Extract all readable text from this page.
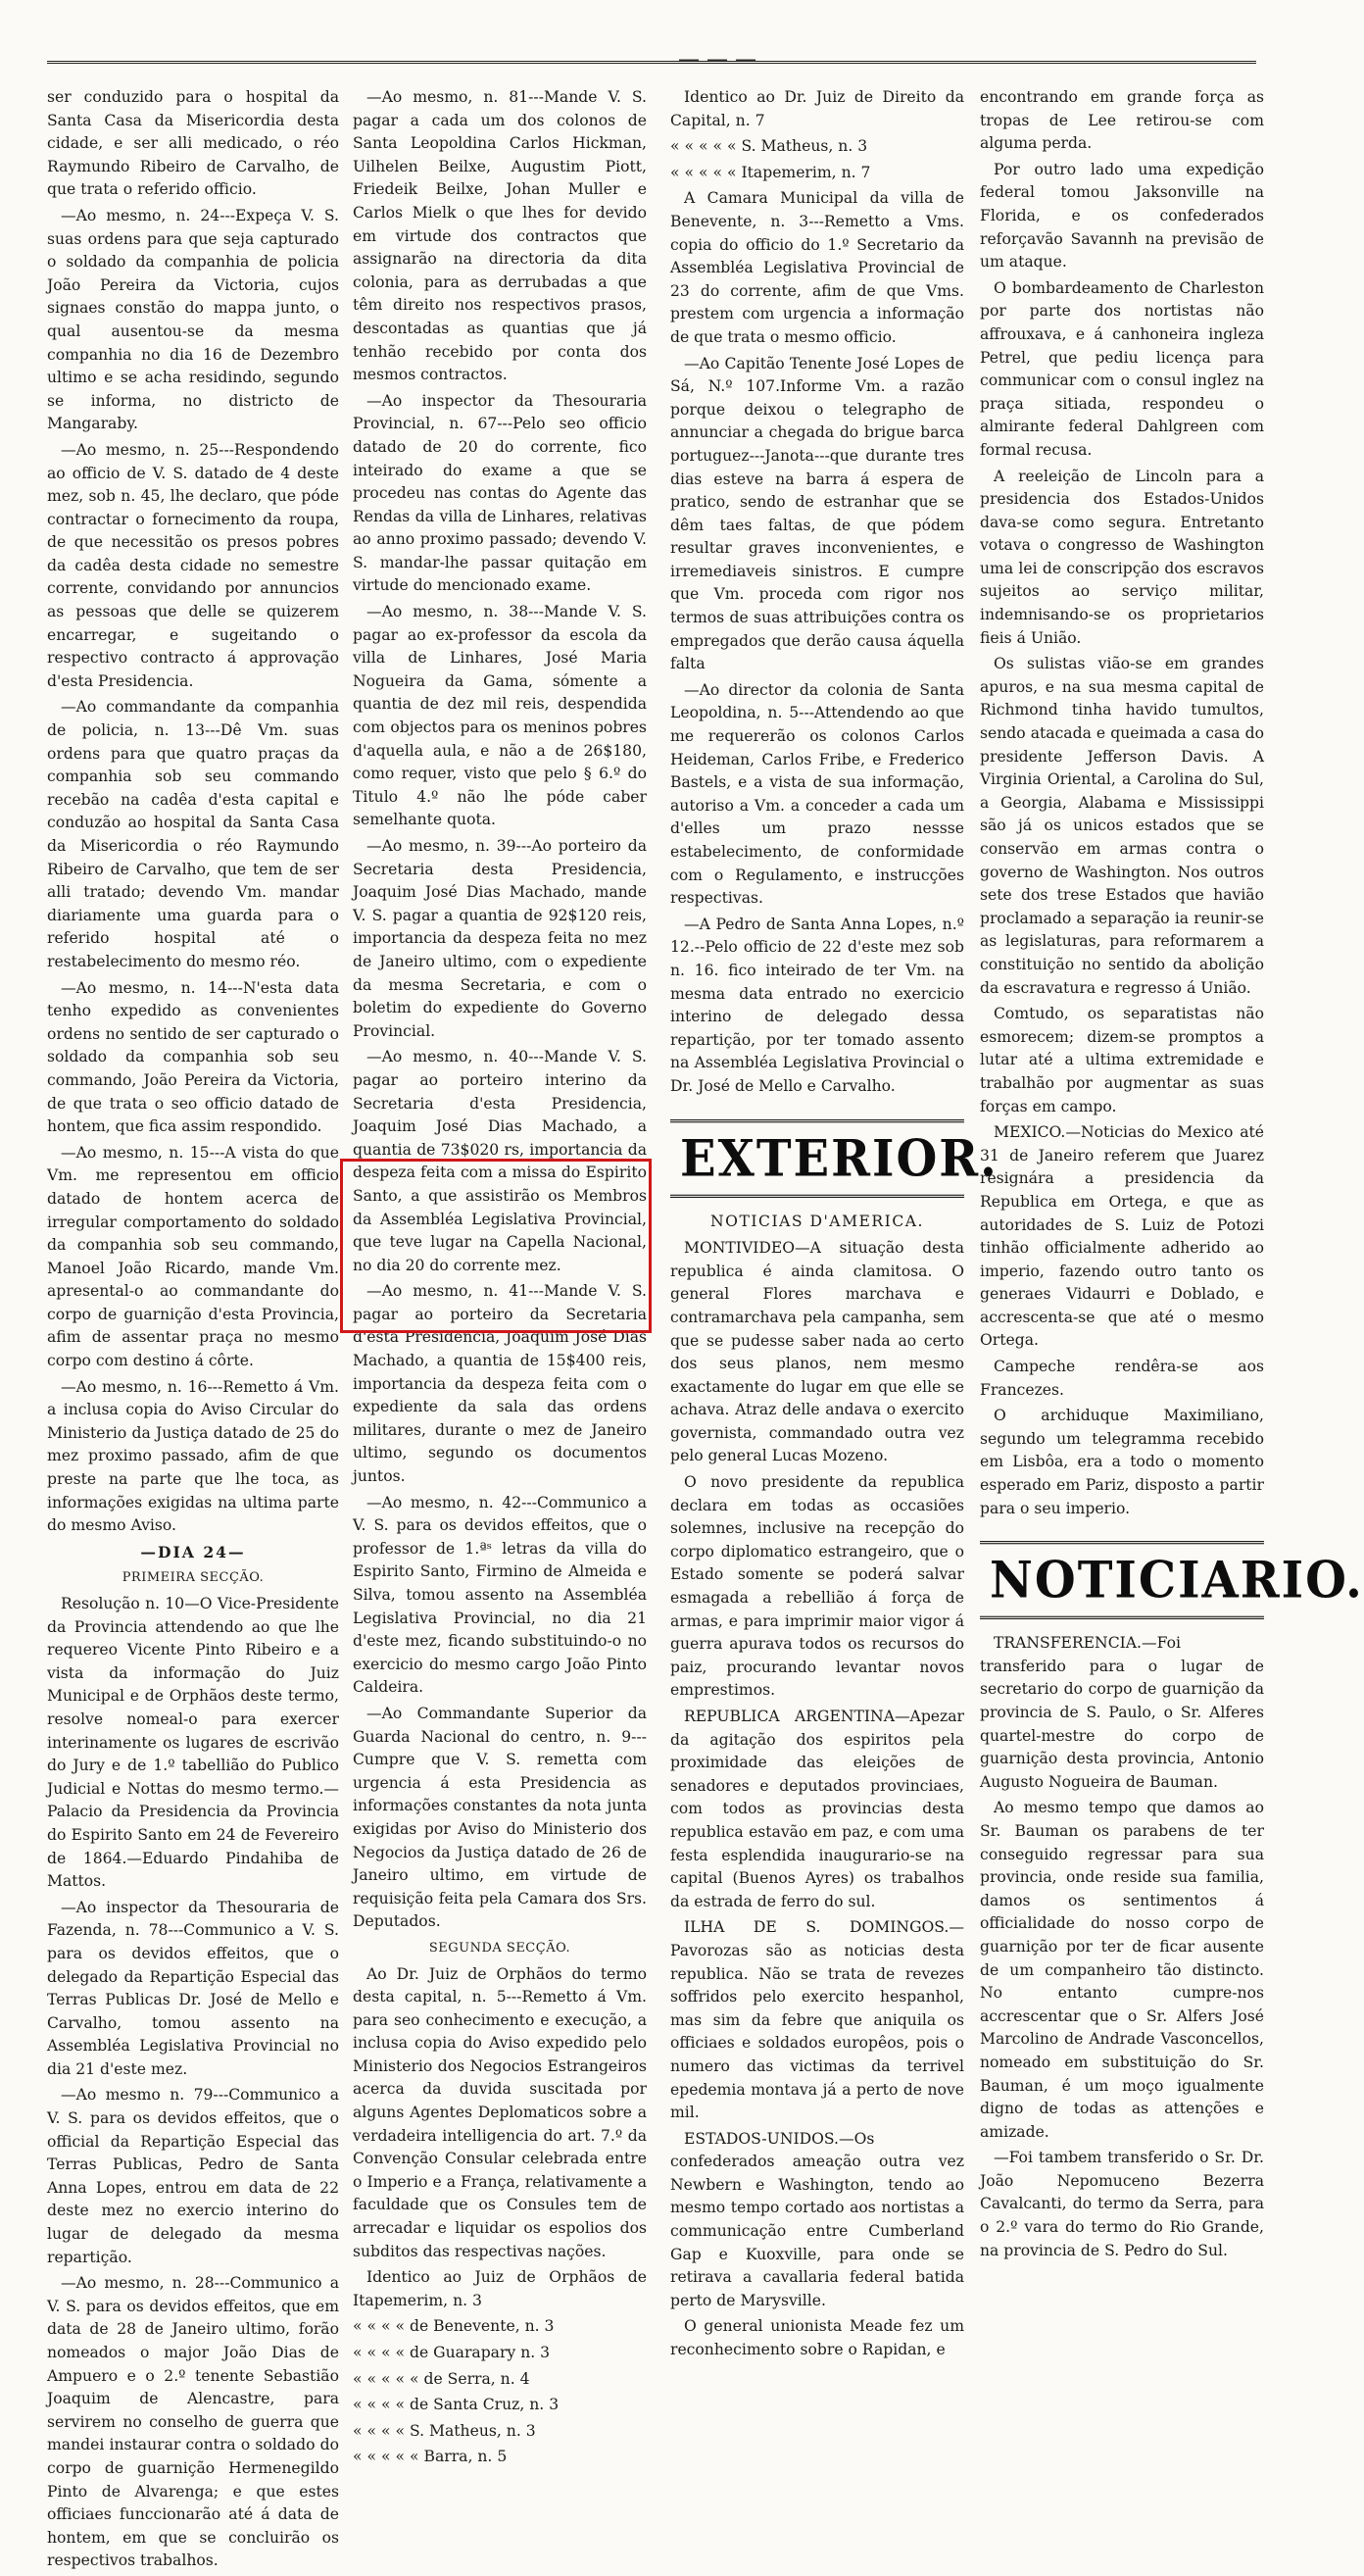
— — —

ser conduzido para o hospital da Santa Casa da Misericordia desta cidade, e ser alli medicado, o réo Raymundo Ribeiro de Carvalho, de que trata o referido officio.

—Ao mesmo, n. 24---Expeça V. S. suas ordens para que seja capturado o soldado da companhia de policia João Pereira da Victoria, cujos signaes constão do mappa junto, o qual ausentou-se da mesma companhia no dia 16 de Dezembro ultimo e se acha residindo, segundo se informa, no districto de Mangaraby.

—Ao mesmo, n. 25---Respondendo ao officio de V. S. datado de 4 deste mez, sob n. 45, lhe declaro, que póde contractar o fornecimento da roupa, de que necessitão os presos pobres da cadêa desta cidade no semestre corrente, convidando por annuncios as pessoas que delle se quizerem encarregar, e sugeitando o respectivo contracto á approvação d'esta Presidencia.

—Ao commandante da companhia de policia, n. 13---Dê Vm. suas ordens para que quatro praças da companhia sob seu commando recebão na cadêa d'esta capital e conduzão ao hospital da Santa Casa da Misericordia o réo Raymundo Ribeiro de Carvalho, que tem de ser alli tratado; devendo Vm. mandar diariamente uma guarda para o referido hospital até o restabelecimento do mesmo réo.

—Ao mesmo, n. 14---N'esta data tenho expedido as convenientes ordens no sentido de ser capturado o soldado da companhia sob seu commando, João Pereira da Victoria, de que trata o seo officio datado de hontem, que fica assim respondido.

—Ao mesmo, n. 15---A vista do que Vm. me representou em officio datado de hontem acerca de irregular comportamento do soldado da companhia sob seu commando, Manoel João Ricardo, mande Vm. apresental-o ao commandante do corpo de guarnição d'esta Provincia, afim de assentar praça no mesmo corpo com destino á côrte.

—Ao mesmo, n. 16---Remetto á Vm. a inclusa copia do Aviso Circular do Ministerio da Justiça datado de 25 do mez proximo passado, afim de que preste na parte que lhe toca, as informações exigidas na ultima parte do mesmo Aviso.

—DIA 24—

PRIMEIRA SECÇÃO.

Resolução n. 10—O Vice-Presidente da Provincia attendendo ao que lhe requereo Vicente Pinto Ribeiro e a vista da informação do Juiz Municipal e de Orphãos deste termo, resolve nomeal-o para exercer interinamente os lugares de escrivão do Jury e de 1.º tabellião do Publico Judicial e Nottas do mesmo termo.— Palacio da Presidencia da Provincia do Espirito Santo em 24 de Fevereiro de 1864.—Eduardo Pindahiba de Mattos.

—Ao inspector da Thesouraria de Fazenda, n. 78---Communico a V. S. para os devidos effeitos, que o delegado da Repartição Especial das Terras Publicas Dr. José de Mello e Carvalho, tomou assento na Assembléa Legislativa Provincial no dia 21 d'este mez.

—Ao mesmo n. 79---Communico a V. S. para os devidos effeitos, que o official da Repartição Especial das Terras Publicas, Pedro de Santa Anna Lopes, entrou em data de 22 deste mez no exercio interino do lugar de delegado da mesma repartição.

—Ao mesmo, n. 28---Communico a V. S. para os devidos effeitos, que em data de 28 de Janeiro ultimo, forão nomeados o major João Dias de Ampuero e o 2.º tenente Sebastião Joaquim de Alencastre, para servirem no conselho de guerra que mandei instaurar contra o soldado do corpo de guarnição Hermenegildo Pinto de Alvarenga; e que estes officiaes funccionarão até á data de hontem, em que se concluirão os respectivos trabalhos.

—Ao mesmo, n. 81---Mande V. S. pagar a cada um dos colonos de Santa Leopoldina Carlos Hickman, Uilhelen Beilxe, Augustim Piott, Friedeik Beilxe, Johan Muller e Carlos Mielk o que lhes for devido em virtude dos contractos que assignarão na directoria da dita colonia, para as derrubadas a que têm direito nos respectivos prasos, descontadas as quantias que já tenhão recebido por conta dos mesmos contractos.

—Ao inspector da Thesouraria Provincial, n. 67---Pelo seo officio datado de 20 do corrente, fico inteirado do exame a que se procedeu nas contas do Agente das Rendas da villa de Linhares, relativas ao anno proximo passado; devendo V. S. mandar-lhe passar quitação em virtude do mencionado exame.

—Ao mesmo, n. 38---Mande V. S. pagar ao ex-professor da escola da villa de Linhares, José Maria Nogueira da Gama, sómente a quantia de dez mil reis, despendida com objectos para os meninos pobres d'aquella aula, e não a de 26$180, como requer, visto que pelo § 6.º do Titulo 4.º não lhe póde caber semelhante quota.

—Ao mesmo, n. 39---Ao porteiro da Secretaria desta Presidencia, Joaquim José Dias Machado, mande V. S. pagar a quantia de 92$120 reis, importancia da despeza feita no mez de Janeiro ultimo, com o expediente da mesma Secretaria, e com o boletim do expediente do Governo Provincial.

—Ao mesmo, n. 40---Mande V. S. pagar ao porteiro interino da Secretaria d'esta Presidencia, Joaquim José Dias Machado, a quantia de 73$020 rs, importancia da despeza feita com a missa do Espirito Santo, a que assistirão os Membros da Assembléa Legislativa Provincial, que teve lugar na Capella Nacional, no dia 20 do corrente mez.

—Ao mesmo, n. 41---Mande V. S. pagar ao porteiro da Secretaria d'esta Presidencia, Joaquim José Dias Machado, a quantia de 15$400 reis, importancia da despeza feita com o expediente da sala das ordens militares, durante o mez de Janeiro ultimo, segundo os documentos juntos.

—Ao mesmo, n. 42---Communico a V. S. para os devidos effeitos, que o professor de 1.ªˢ letras da villa do Espirito Santo, Firmino de Almeida e Silva, tomou assento na Assembléa Legislativa Provincial, no dia 21 d'este mez, ficando substituindo-o no exercicio do mesmo cargo João Pinto Caldeira.

—Ao Commandante Superior da Guarda Nacional do centro, n. 9---Cumpre que V. S. remetta com urgencia á esta Presidencia as informações constantes da nota junta exigidas por Aviso do Ministerio dos Negocios da Justiça datado de 26 de Janeiro ultimo, em virtude de requisição feita pela Camara dos Srs. Deputados.

SEGUNDA SECÇÃO.

Ao Dr. Juiz de Orphãos do termo desta capital, n. 5---Remetto á Vm. para seo conhecimento e execução, a inclusa copia do Aviso expedido pelo Ministerio dos Negocios Estrangeiros acerca da duvida suscitada por alguns Agentes Deplomaticos sobre a verdadeira intelligencia do art. 7.º da Convenção Consular celebrada entre o Imperio e a França, relativamente a faculdade que os Consules tem de arrecadar e liquidar os espolios dos subditos das respectivas nações.

Identico ao Juiz de Orphãos de Itapemerim, n. 3

« « « « de Benevente, n. 3

« « « « de Guarapary n. 3

« « « « « de Serra, n. 4

« « « « de Santa Cruz, n. 3

« « « « S. Matheus, n. 3

« « « « « Barra, n. 5

Identico ao Dr. Juiz de Direito da Capital, n. 7

« « « « « S. Matheus, n. 3

« « « « « Itapemerim, n. 7

A Camara Municipal da villa de Benevente, n. 3---Remetto a Vms. copia do officio do 1.º Secretario da Assembléa Legislativa Provincial de 23 do corrente, afim de que Vms. prestem com urgencia a informação de que trata o mesmo officio.

—Ao Capitão Tenente José Lopes de Sá, N.º 107.Informe Vm. a razão porque deixou o telegrapho de annunciar a chegada do brigue barca portuguez---Janota---que durante tres dias esteve na barra á espera de pratico, sendo de estranhar que se dêm taes faltas, de que pódem resultar graves inconvenientes, e irremediaveis sinistros. E cumpre que Vm. proceda com rigor nos termos de suas attribuições contra os empregados que derão causa áquella falta

—Ao director da colonia de Santa Leopoldina, n. 5---Attendendo ao que me requererão os colonos Carlos Heideman, Carlos Fribe, e Frederico Bastels, e a vista de sua informação, autoriso a Vm. a conceder a cada um d'elles um prazo nessse estabelecimento, de conformidade com o Regulamento, e instrucções respectivas.

—A Pedro de Santa Anna Lopes, n.º 12.--Pelo officio de 22 d'este mez sob n. 16. fico inteirado de ter Vm. na mesma data entrado no exercicio interino de delegado dessa repartição, por ter tomado assento na Assembléa Legislativa Provincial o Dr. José de Mello e Carvalho.

EXTERIOR.

NOTICIAS D'AMERICA.

MONTIVIDEO—A situação desta republica é ainda clamitosa. O general Flores marchava e contramarchava pela campanha, sem que se pudesse saber nada ao certo dos seus planos, nem mesmo exactamente do lugar em que elle se achava. Atraz delle andava o exercito governista, commandado outra vez pelo general Lucas Mozeno.

O novo presidente da republica declara em todas as occasiões solemnes, inclusive na recepção do corpo diplomatico estrangeiro, que o Estado somente se poderá salvar esmagada a rebellião á força de armas, e para imprimir maior vigor á guerra apurava todos os recursos do paiz, procurando levantar novos emprestimos.

REPUBLICA ARGENTINA—Apezar da agitação dos espiritos pela proximidade das eleições de senadores e deputados provinciaes, com todos as provincias desta republica estavão em paz, e com uma festa esplendida inaugurario-se na capital (Buenos Ayres) os trabalhos da estrada de ferro do sul.

ILHA DE S. DOMINGOS.—Pavorozas são as noticias desta republica. Não se trata de revezes soffridos pelo exercito hespanhol, mas sim da febre que aniquila os officiaes e soldados europêos, pois o numero das victimas da terrivel epedemia montava já a perto de nove mil.

ESTADOS-UNIDOS.—Os confederados ameação outra vez Newbern e Washington, tendo ao mesmo tempo cortado aos nortistas a communicação entre Cumberland Gap e Kuoxville, para onde se retirava a cavallaria federal batida perto de Marysville.

O general unionista Meade fez um reconhecimento sobre o Rapidan, e

encontrando em grande força as tropas de Lee retirou-se com alguma perda.

Por outro lado uma expedição federal tomou Jaksonville na Florida, e os confederados reforçavão Savannh na previsão de um ataque.

O bombardeamento de Charleston por parte dos nortistas não affrouxava, e á canhoneira ingleza Petrel, que pediu licença para communicar com o consul inglez na praça sitiada, respondeu o almirante federal Dahlgreen com formal recusa.

A reeleição de Lincoln para a presidencia dos Estados-Unidos dava-se como segura. Entretanto votava o congresso de Washington uma lei de conscripção dos escravos sujeitos ao serviço militar, indemnisando-se os proprietarios fieis á União.

Os sulistas vião-se em grandes apuros, e na sua mesma capital de Richmond tinha havido tumultos, sendo atacada e queimada a casa do presidente Jefferson Davis. A Virginia Oriental, a Carolina do Sul, a Georgia, Alabama e Mississippi são já os unicos estados que se conservão em armas contra o governo de Washington. Nos outros sete dos trese Estados que havião proclamado a separação ia reunir-se as legislaturas, para reformarem a constituição no sentido da abolição da escravatura e regresso á União.

Comtudo, os separatistas não esmorecem; dizem-se promptos a lutar até a ultima extremidade e trabalhão por augmentar as suas forças em campo.

MEXICO.—Noticias do Mexico até 31 de Janeiro referem que Juarez resignára a presidencia da Republica em Ortega, e que as autoridades de S. Luiz de Potozi tinhão officialmente adherido ao imperio, fazendo outro tanto os generaes Vidaurri e Doblado, e accrescenta-se que até o mesmo Ortega.

Campeche rendêra-se aos Francezes.

O archiduque Maximiliano, segundo um telegramma recebido em Lisbôa, era a todo o momento esperado em Pariz, disposto a partir para o seu imperio.

NOTICIARIO.

TRANSFERENCIA.—Foi transferido para o lugar de secretario do corpo de guarnição da provincia de S. Paulo, o Sr. Alferes quartel-mestre do corpo de guarnição desta provincia, Antonio Augusto Nogueira de Bauman.

Ao mesmo tempo que damos ao Sr. Bauman os parabens de ter conseguido regressar para sua provincia, onde reside sua familia, damos os sentimentos á officialidade do nosso corpo de guarnição por ter de ficar ausente de um companheiro tão distincto. No entanto cumpre-nos accrescentar que o Sr. Alfers José Marcolino de Andrade Vasconcellos, nomeado em substituição do Sr. Bauman, é um moço igualmente digno de todas as attenções e amizade.

—Foi tambem transferido o Sr. Dr. João Nepomuceno Bezerra Cavalcanti, do termo da Serra, para o 2.º vara do termo do Rio Grande, na provincia de S. Pedro do Sul.
